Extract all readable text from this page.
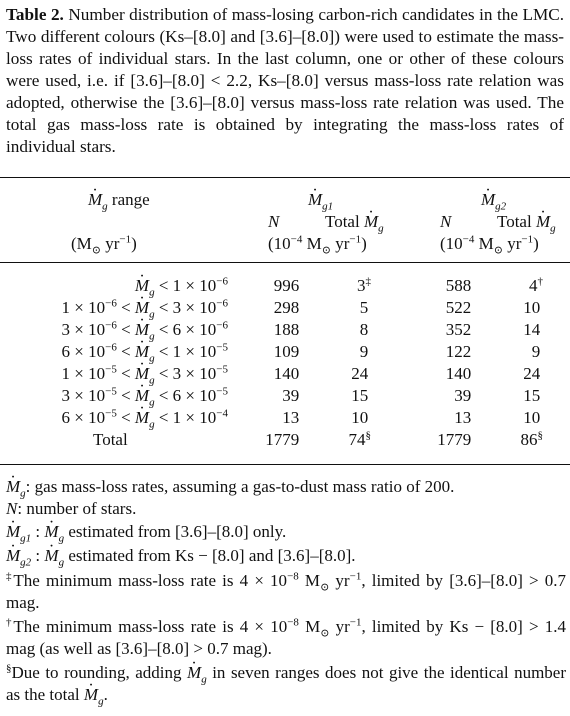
Table 2. Number distribution of mass-losing carbon-rich candidates in the LMC. Two different colours (Ks–[8.0] and [3.6]–[8.0]) were used to estimate the mass-loss rates of individual stars. In the last column, one or other of these colours were used, i.e. if [3.6]–[8.0] < 2.2, Ks–[8.0] versus mass-loss rate relation was adopted, otherwise the [3.6]–[8.0] versus mass-loss rate relation was used. The total gas mass-loss rate is obtained by integrating the mass-loss rates of individual stars.
· $M_g$ range
($M_⊙$ $yr^{-1}$)
· $M_{g1}$	· $M_{g2}$
N	Total · $M_g$	N	Total · $M_g$
($10^{-4}$ $M_⊙$ $yr^{-1}$)	($10^{-4}$ $M_⊙$ $yr^{-1}$)
· $M_g < 1 \times 10^{-6}$	996	3‡	588	4†
$1 \times 10^{-6}$ < · $M_g < 3 \times 10^{-6}$	298	5	522	10
$3 \times 10^{-6}$ < · $M_g < 6 \times 10^{-6}$	188	8	352	14
$6 \times 10^{-6}$ < · $M_g < 1 \times 10^{-5}$	109	9	122	9
$1 \times 10^{-5}$ < · $M_g < 3 \times 10^{-5}$	140	24	140	24
$3 \times 10^{-5}$ < · $M_g < 6 \times 10^{-5}$	39	15	39	15
$6 \times 10^{-5}$ < · $M_g < 1 \times 10^{-4}$	13	10	13	10
Total	1779	74§	1779	86§
· $M_g$: gas mass-loss rates, assuming a gas-to-dust mass ratio of 200.
N: number of stars.
· $M_{g1}$ : · $M_g$ estimated from [3.6]–[8.0] only.
· $M_{g2}$ : · $M_g$ estimated from Ks − [8.0] and [3.6]–[8.0].
‡The minimum mass-loss rate is $4 \times 10^{-8}$ $M_⊙$ $yr^{-1}$, limited by [3.6]–[8.0] > 0.7 mag.
†The minimum mass-loss rate is $4 \times 10^{-8}$ $M_⊙$ $yr^{-1}$, limited by Ks − [8.0] > 1.4 mag (as well as [3.6]–[8.0] > 0.7 mag).
§Due to rounding, adding · $M_g$ in seven ranges does not give the identical number as the total · $M_g$.
